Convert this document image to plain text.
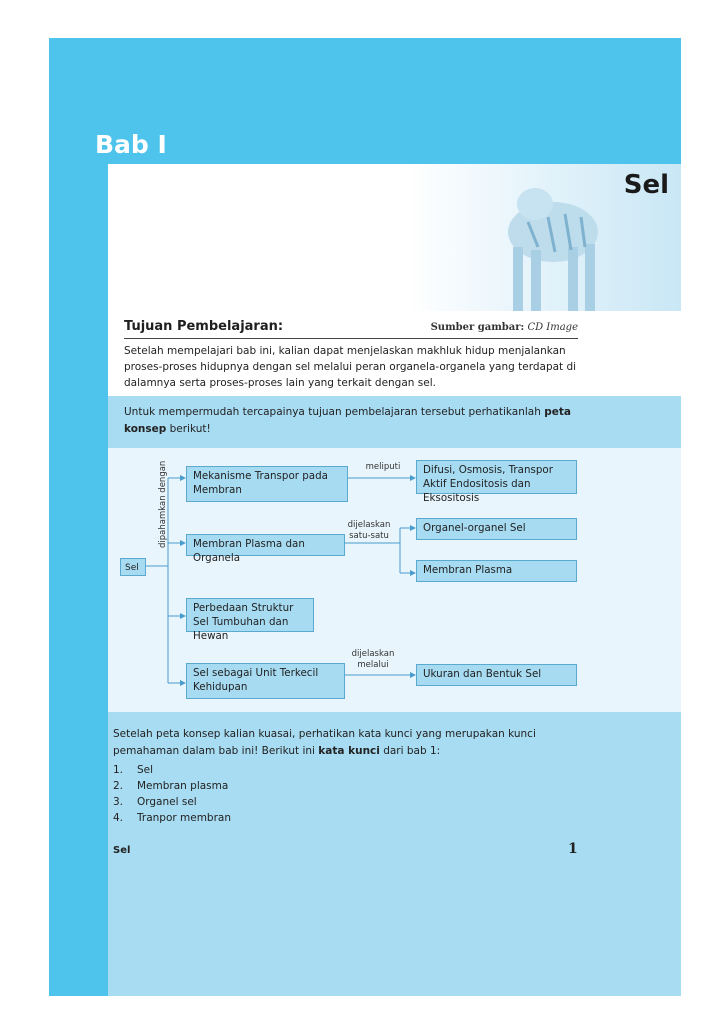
Bab I
Sel
Tujuan Pembelajaran:	Sumber gambar: CD Image
Setelah mempelajari bab ini, kalian dapat menjelaskan makhluk hidup menjalankan proses-proses hidupnya dengan sel melalui peran organela-organela yang terdapat di dalamnya serta proses-proses lain yang terkait dengan sel.

Untuk mempermudah tercapainya tujuan pembelajaran tersebut perhatikanlah peta konsep berikut!

Sel
dipahamkan dengan	Mekanisme Transpor pada Membran
Membran Plasma dan Organela
Perbedaan Struktur Sel Tumbuhan dan Hewan
Sel sebagai Unit Terkecil Kehidupan
Difusi, Osmosis, Transpor Aktif Endositosis dan Eksositosis
Organel-organel Sel
Membran Plasma
Ukuran dan Bentuk Sel
meliputi
dijelaskan satu-satu
dijelaskan melalui

Setelah peta konsep kalian kuasai, perhatikan kata kunci yang merupakan kunci pemahaman dalam bab ini! Berikut ini kata kunci dari bab 1:

1. Sel
2. Membran plasma
3. Organel sel
4. Tranpor membran
Sel	1
